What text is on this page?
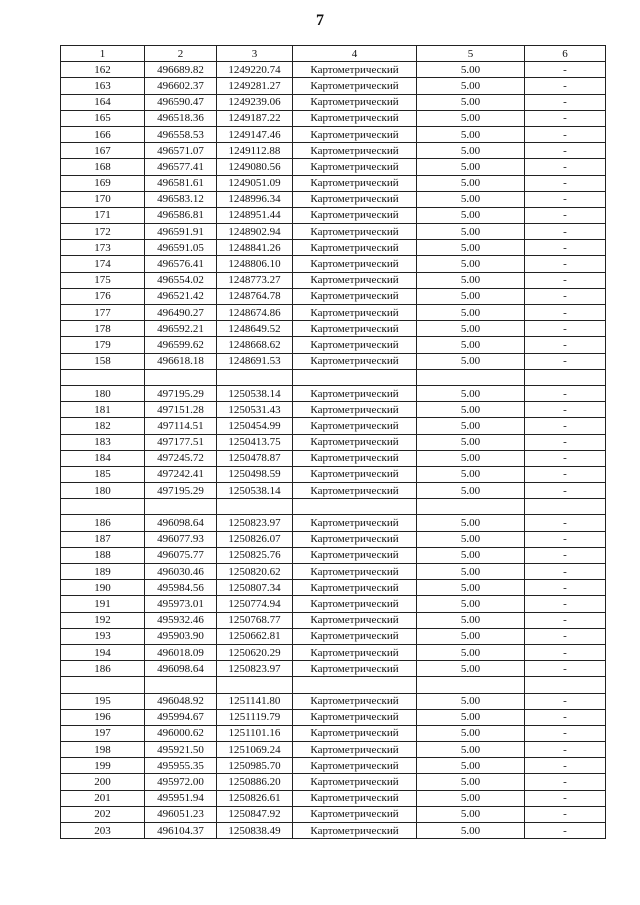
7
1	2	3	4	5	6
162	496689.82	1249220.74	Картометрический	5.00	-
163	496602.37	1249281.27	Картометрический	5.00	-
164	496590.47	1249239.06	Картометрический	5.00	-
165	496518.36	1249187.22	Картометрический	5.00	-
166	496558.53	1249147.46	Картометрический	5.00	-
167	496571.07	1249112.88	Картометрический	5.00	-
168	496577.41	1249080.56	Картометрический	5.00	-
169	496581.61	1249051.09	Картометрический	5.00	-
170	496583.12	1248996.34	Картометрический	5.00	-
171	496586.81	1248951.44	Картометрический	5.00	-
172	496591.91	1248902.94	Картометрический	5.00	-
173	496591.05	1248841.26	Картометрический	5.00	-
174	496576.41	1248806.10	Картометрический	5.00	-
175	496554.02	1248773.27	Картометрический	5.00	-
176	496521.42	1248764.78	Картометрический	5.00	-
177	496490.27	1248674.86	Картометрический	5.00	-
178	496592.21	1248649.52	Картометрический	5.00	-
179	496599.62	1248668.62	Картометрический	5.00	-
158	496618.18	1248691.53	Картометрический	5.00	-

180	497195.29	1250538.14	Картометрический	5.00	-
181	497151.28	1250531.43	Картометрический	5.00	-
182	497114.51	1250454.99	Картометрический	5.00	-
183	497177.51	1250413.75	Картометрический	5.00	-
184	497245.72	1250478.87	Картометрический	5.00	-
185	497242.41	1250498.59	Картометрический	5.00	-
180	497195.29	1250538.14	Картометрический	5.00	-

186	496098.64	1250823.97	Картометрический	5.00	-
187	496077.93	1250826.07	Картометрический	5.00	-
188	496075.77	1250825.76	Картометрический	5.00	-
189	496030.46	1250820.62	Картометрический	5.00	-
190	495984.56	1250807.34	Картометрический	5.00	-
191	495973.01	1250774.94	Картометрический	5.00	-
192	495932.46	1250768.77	Картометрический	5.00	-
193	495903.90	1250662.81	Картометрический	5.00	-
194	496018.09	1250620.29	Картометрический	5.00	-
186	496098.64	1250823.97	Картометрический	5.00	-

195	496048.92	1251141.80	Картометрический	5.00	-
196	495994.67	1251119.79	Картометрический	5.00	-
197	496000.62	1251101.16	Картометрический	5.00	-
198	495921.50	1251069.24	Картометрический	5.00	-
199	495955.35	1250985.70	Картометрический	5.00	-
200	495972.00	1250886.20	Картометрический	5.00	-
201	495951.94	1250826.61	Картометрический	5.00	-
202	496051.23	1250847.92	Картометрический	5.00	-
203	496104.37	1250838.49	Картометрический	5.00	-
